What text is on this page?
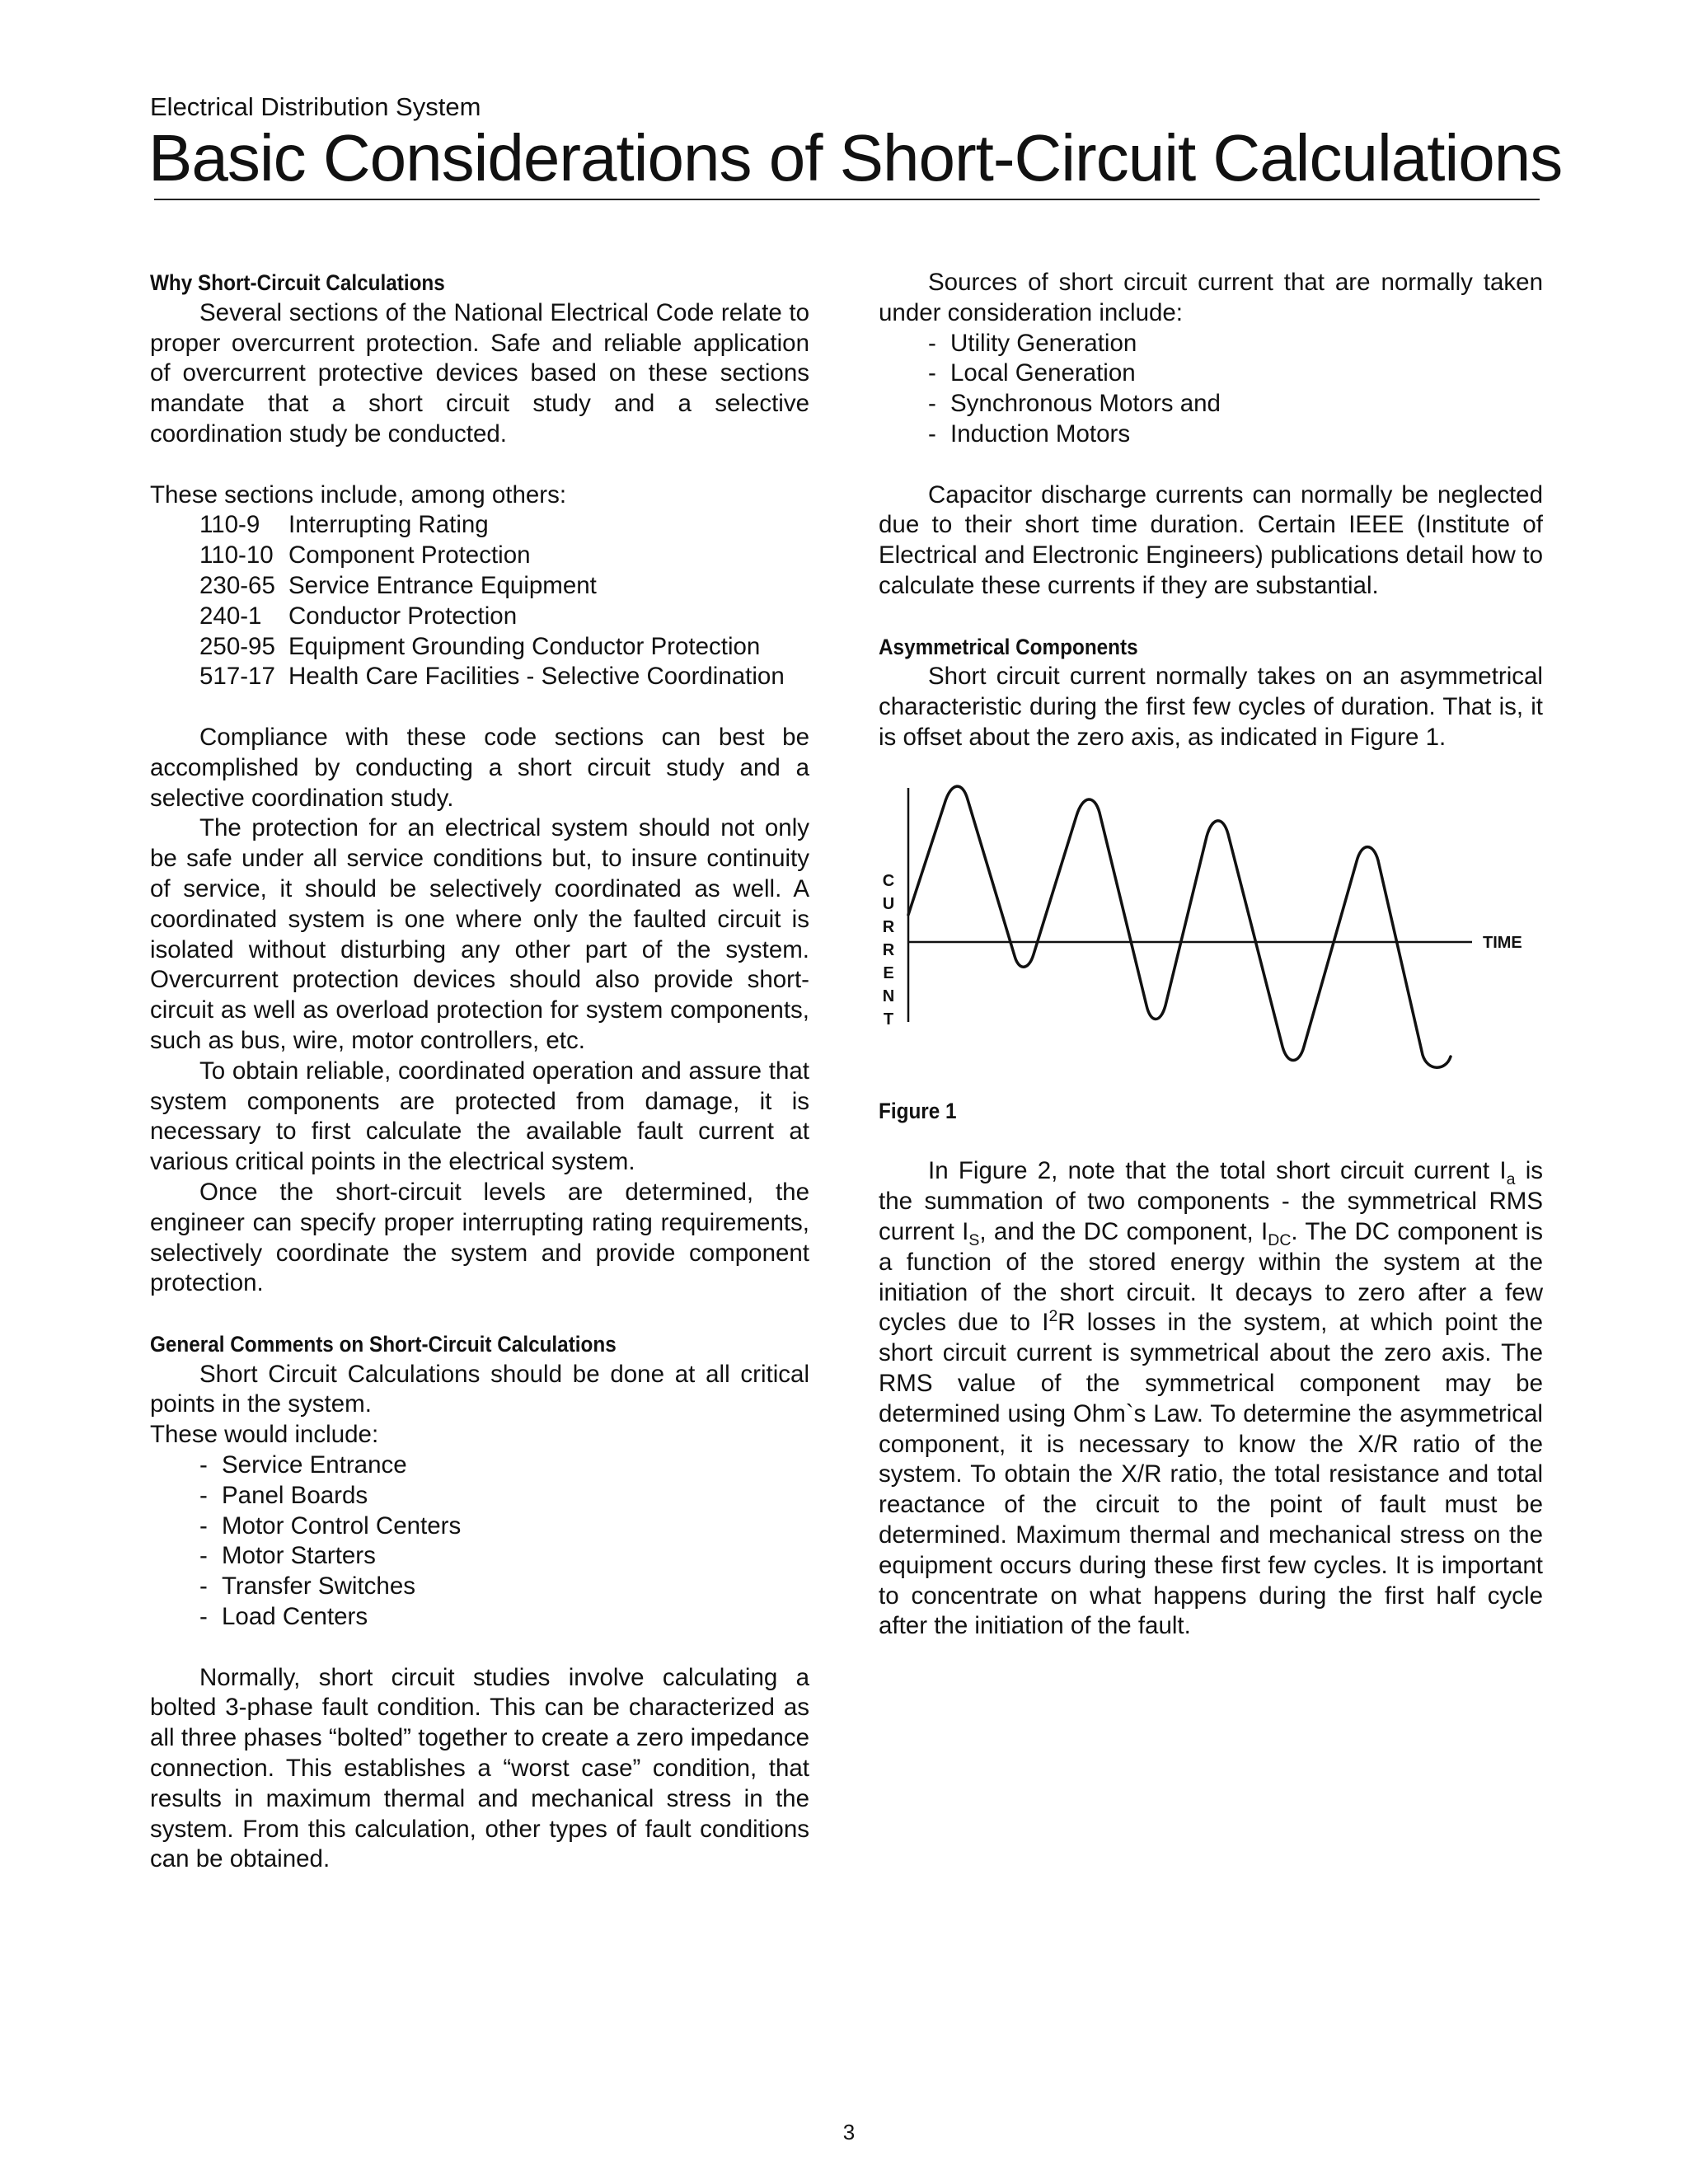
Electrical Distribution System
Basic Considerations of Short-Circuit Calculations
Why Short-Circuit Calculations

Several sections of the National Electrical Code relate to proper overcurrent protection. Safe and reliable application of overcurrent protective devices based on these sections mandate that a short circuit study and a selective coordination study be conducted.

These sections include, among others:

110-9	Interrupting Rating
110-10 Component Protection
230-65 Service Entrance Equipment
240-1	Conductor Protection
250-95 Equipment Grounding Conductor Protection
517-17 Health Care Facilities - Selective Coordination

Compliance with these code sections can best be accomplished by conducting a short circuit study and a selective coordination study.

The protection for an electrical system should not only be safe under all service conditions but, to insure continuity of service, it should be selectively coordinated as well. A coordinated system is one where only the faulted circuit is isolated without disturbing any other part of the system. Overcurrent protection devices should also provide short-circuit as well as overload protection for system components, such as bus, wire, motor controllers, etc.

To obtain reliable, coordinated operation and assure that system components are protected from damage, it is necessary to first calculate the available fault current at various critical points in the electrical system.

Once the short-circuit levels are determined, the engineer can specify proper interrupting rating requirements, selectively coordinate the system and provide component protection.

General Comments on Short-Circuit Calculations

Short Circuit Calculations should be done at all critical points in the system.

These would include:

- Service Entrance
- Panel Boards
- Motor Control Centers
- Motor Starters
- Transfer Switches
- Load Centers

Normally, short circuit studies involve calculating a bolted 3-phase fault condition. This can be characterized as all three phases “bolted” together to create a zero impedance connection. This establishes a “worst case” condition, that results in maximum thermal and mechanical stress in the system. From this calculation, other types of fault conditions can be obtained.

Sources of short circuit current that are normally taken under consideration include:

- Utility Generation
- Local Generation
- Synchronous Motors and
- Induction Motors

Capacitor discharge currents can normally be neglected due to their short time duration. Certain IEEE (Institute of Electrical and Electronic Engineers) publications detail how to calculate these currents if they are substantial.

Asymmetrical Components

Short circuit current normally takes on an asymmetrical characteristic during the first few cycles of duration. That is, it is offset about the zero axis, as indicated in Figure 1.

C
U
R
R
E
N
T
TIME
Figure 1

In Figure 2, note that the total short circuit current $I_a$ is the summation of two components - the symmetrical RMS current $I_S$, and the DC component, $I_{DC}$. The DC component is a function of the stored energy within the system at the initiation of the short circuit. It decays to zero after a few cycles due to $I^2R$ losses in the system, at which point the short circuit current is symmetrical about the zero axis. The RMS value of the symmetrical component may be determined using Ohm`s Law. To determine the asymmetrical component, it is necessary to know the X/R ratio of the system. To obtain the X/R ratio, the total resistance and total reactance of the circuit to the point of fault must be determined. Maximum thermal and mechanical stress on the equipment occurs during these first few cycles. It is important to concentrate on what happens during the first half cycle after the initiation of the fault.

3
